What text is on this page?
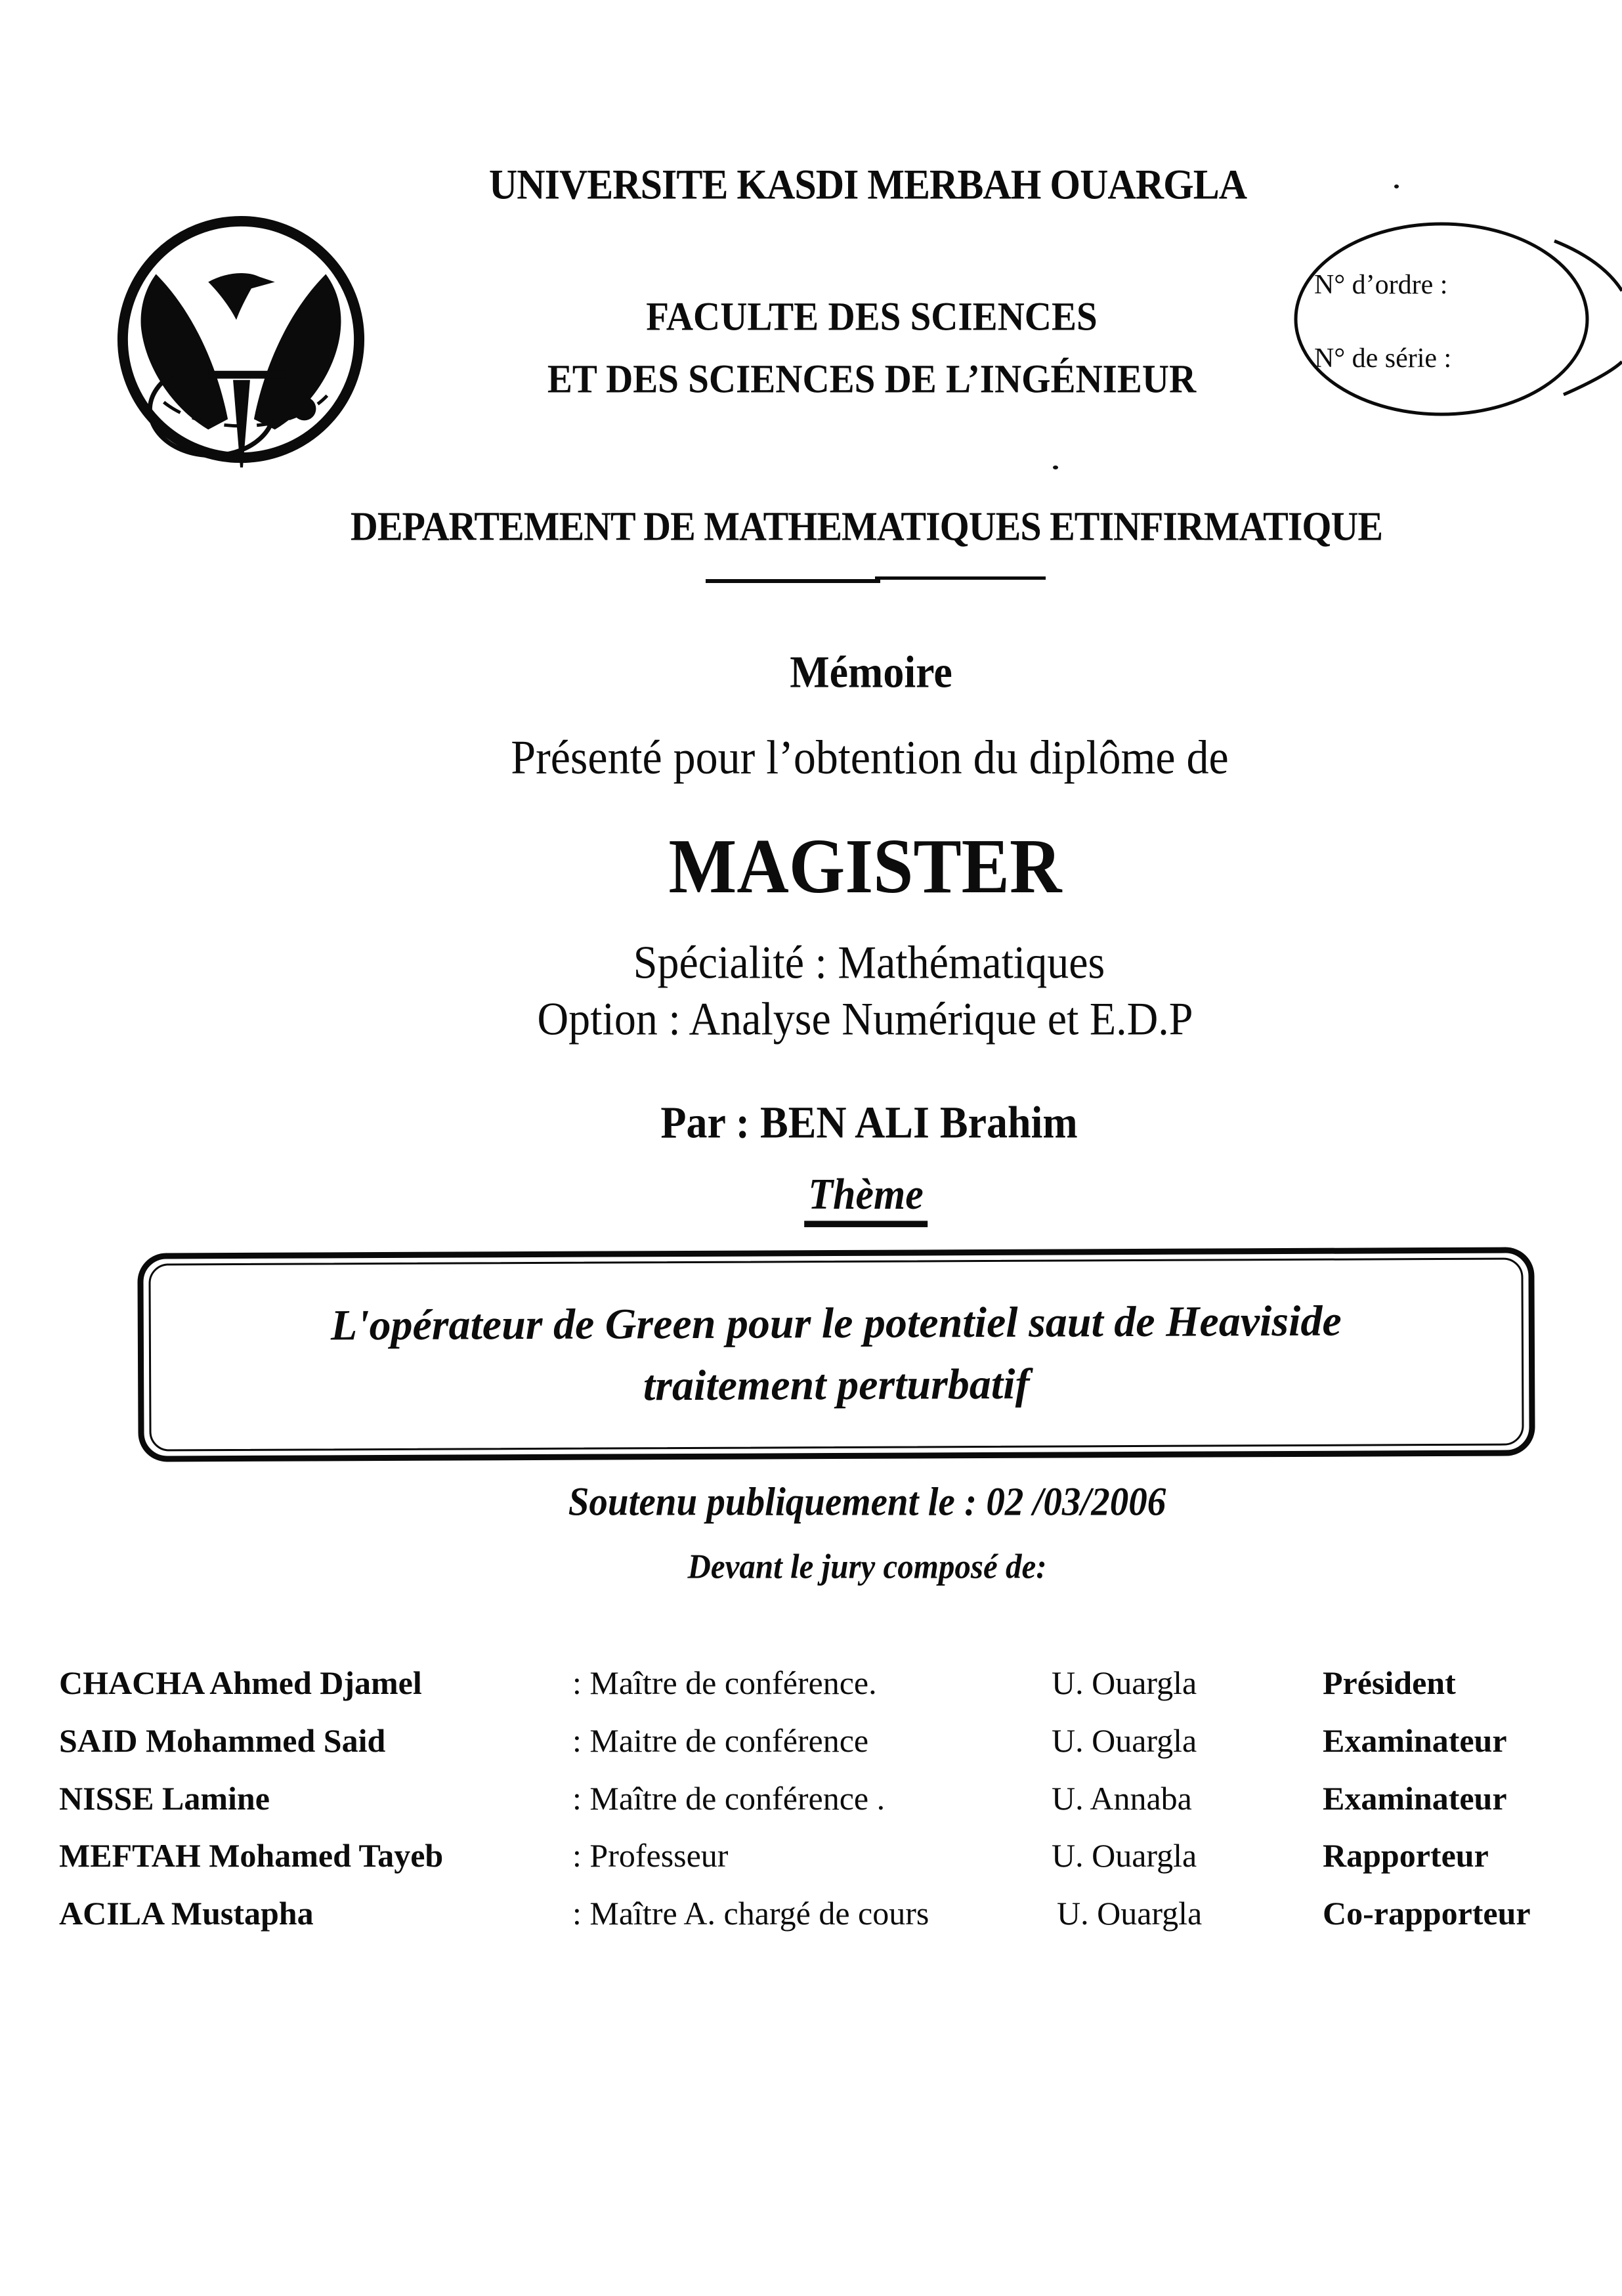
UNIVERSITE KASDI MERBAH OUARGLA
N° d’ordre :
N° de série :
FACULTE DES SCIENCES
ET DES SCIENCES DE L’INGÉNIEUR
DEPARTEMENT DE MATHEMATIQUES ETINFIRMATIQUE
Mémoire
Présenté pour l’obtention du diplôme de
MAGISTER
Spécialité : Mathématiques
Option : Analyse Numérique et E.D.P
Par : BEN ALI Brahim
Thème
L'opérateur de Green pour le potentiel saut de Heaviside
traitement perturbatif
Soutenu publiquement le : 02 /03/2006
Devant le jury composé de:
CHACHA Ahmed Djamel	: Maître de conférence.	U. Ouargla	Président
SAID Mohammed Said	: Maitre de conférence	U. Ouargla	Examinateur
NISSE Lamine	: Maître de conférence .	U. Annaba	Examinateur
MEFTAH Mohamed Tayeb	: Professeur	U. Ouargla	Rapporteur
ACILA Mustapha	: Maître A. chargé de cours	U. Ouargla	Co-rapporteur
